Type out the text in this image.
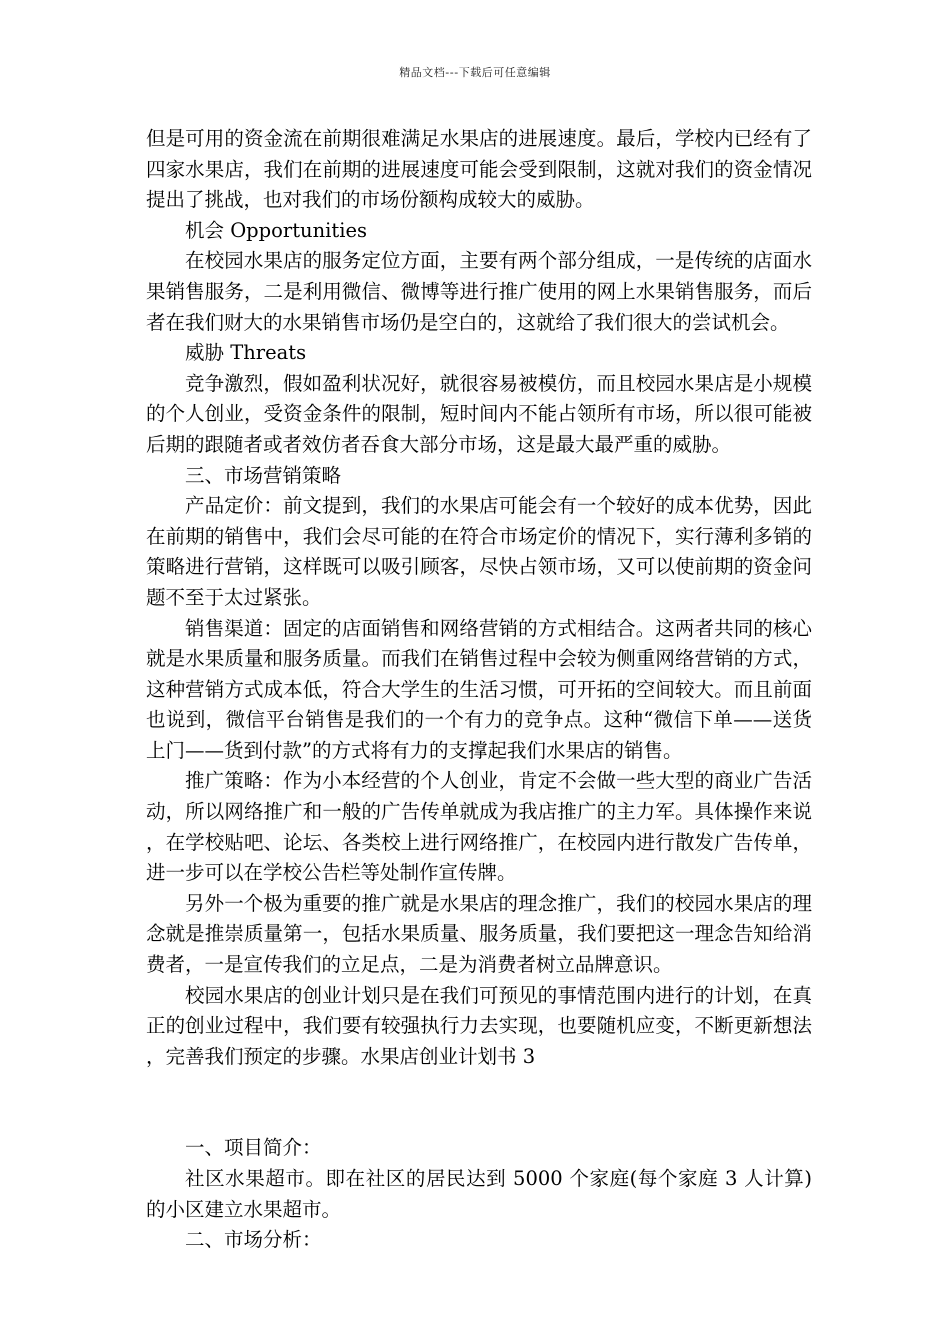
精品文档---下载后可任意编辑

但是可用的资金流在前期很难满足水果店的进展速度。最后，学校内已经有了四家水果店，我们在前期的进展速度可能会受到限制，这就对我们的资金情况提出了挑战，也对我们的市场份额构成较大的威胁。

机会 Opportunities

在校园水果店的服务定位方面，主要有两个部分组成，一是传统的店面水果销售服务，二是利用微信、微博等进行推广使用的网上水果销售服务，而后者在我们财大的水果销售市场仍是空白的，这就给了我们很大的尝试机会。

威胁 Threats

竞争激烈，假如盈利状况好，就很容易被模仿，而且校园水果店是小规模的个人创业，受资金条件的限制，短时间内不能占领所有市场，所以很可能被后期的跟随者或者效仿者吞食大部分市场，这是最大最严重的威胁。

三、市场营销策略

产品定价：前文提到，我们的水果店可能会有一个较好的成本优势，因此在前期的销售中，我们会尽可能的在符合市场定价的情况下，实行薄利多销的策略进行营销，这样既可以吸引顾客，尽快占领市场，又可以使前期的资金问题不至于太过紧张。

销售渠道：固定的店面销售和网络营销的方式相结合。这两者共同的核心就是水果质量和服务质量。而我们在销售过程中会较为侧重网络营销的方式，这种营销方式成本低，符合大学生的生活习惯，可开拓的空间较大。而且前面也说到，微信平台销售是我们的一个有力的竞争点。这种“微信下单——送货上门——货到付款”的方式将有力的支撑起我们水果店的销售。

推广策略：作为小本经营的个人创业，肯定不会做一些大型的商业广告活动，所以网络推广和一般的广告传单就成为我店推广的主力军。具体操作来说，在学校贴吧、论坛、各类校上进行网络推广，在校园内进行散发广告传单，进一步可以在学校公告栏等处制作宣传牌。

另外一个极为重要的推广就是水果店的理念推广，我们的校园水果店的理念就是推崇质量第一，包括水果质量、服务质量，我们要把这一理念告知给消费者，一是宣传我们的立足点，二是为消费者树立品牌意识。

校园水果店的创业计划只是在我们可预见的事情范围内进行的计划，在真正的创业过程中，我们要有较强执行力去实现，也要随机应变，不断更新想法，完善我们预定的步骤。水果店创业计划书 3

一、项目简介：

社区水果超市。即在社区的居民达到 5000 个家庭(每个家庭 3 人计算)的小区建立水果超市。

二、市场分析：
